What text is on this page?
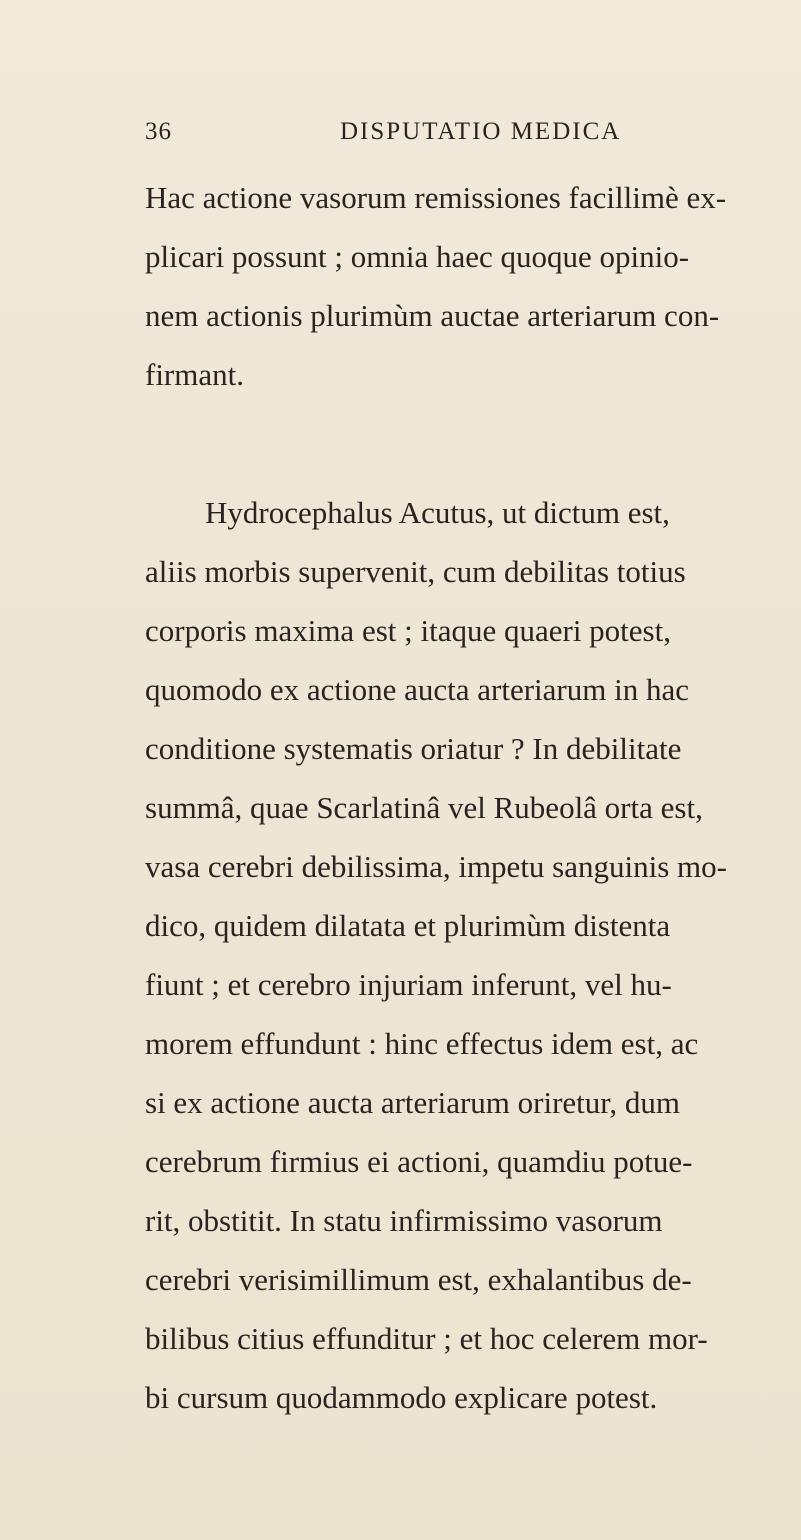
36	DISPUTATIO MEDICA
Hac actione vasorum remissiones facillimè ex-
plicari possunt ; omnia haec quoque opinio-
nem actionis plurimùm auctae arteriarum con-
firmant.
Hydrocephalus Acutus, ut dictum est,
aliis morbis supervenit, cum debilitas totius
corporis maxima est ; itaque quaeri potest,
quomodo ex actione aucta arteriarum in hac
conditione systematis oriatur ? In debilitate
summâ, quae Scarlatinâ vel Rubeolâ orta est,
vasa cerebri debilissima, impetu sanguinis mo-
dico, quidem dilatata et plurimùm distenta
fiunt ; et cerebro injuriam inferunt, vel hu-
morem effundunt : hinc effectus idem est, ac
si ex actione aucta arteriarum oriretur, dum
cerebrum firmius ei actioni, quamdiu potue-
rit, obstitit. In statu infirmissimo vasorum
cerebri verisimillimum est, exhalantibus de-
bilibus citius effunditur ; et hoc celerem mor-
bi cursum quodammodo explicare potest.
